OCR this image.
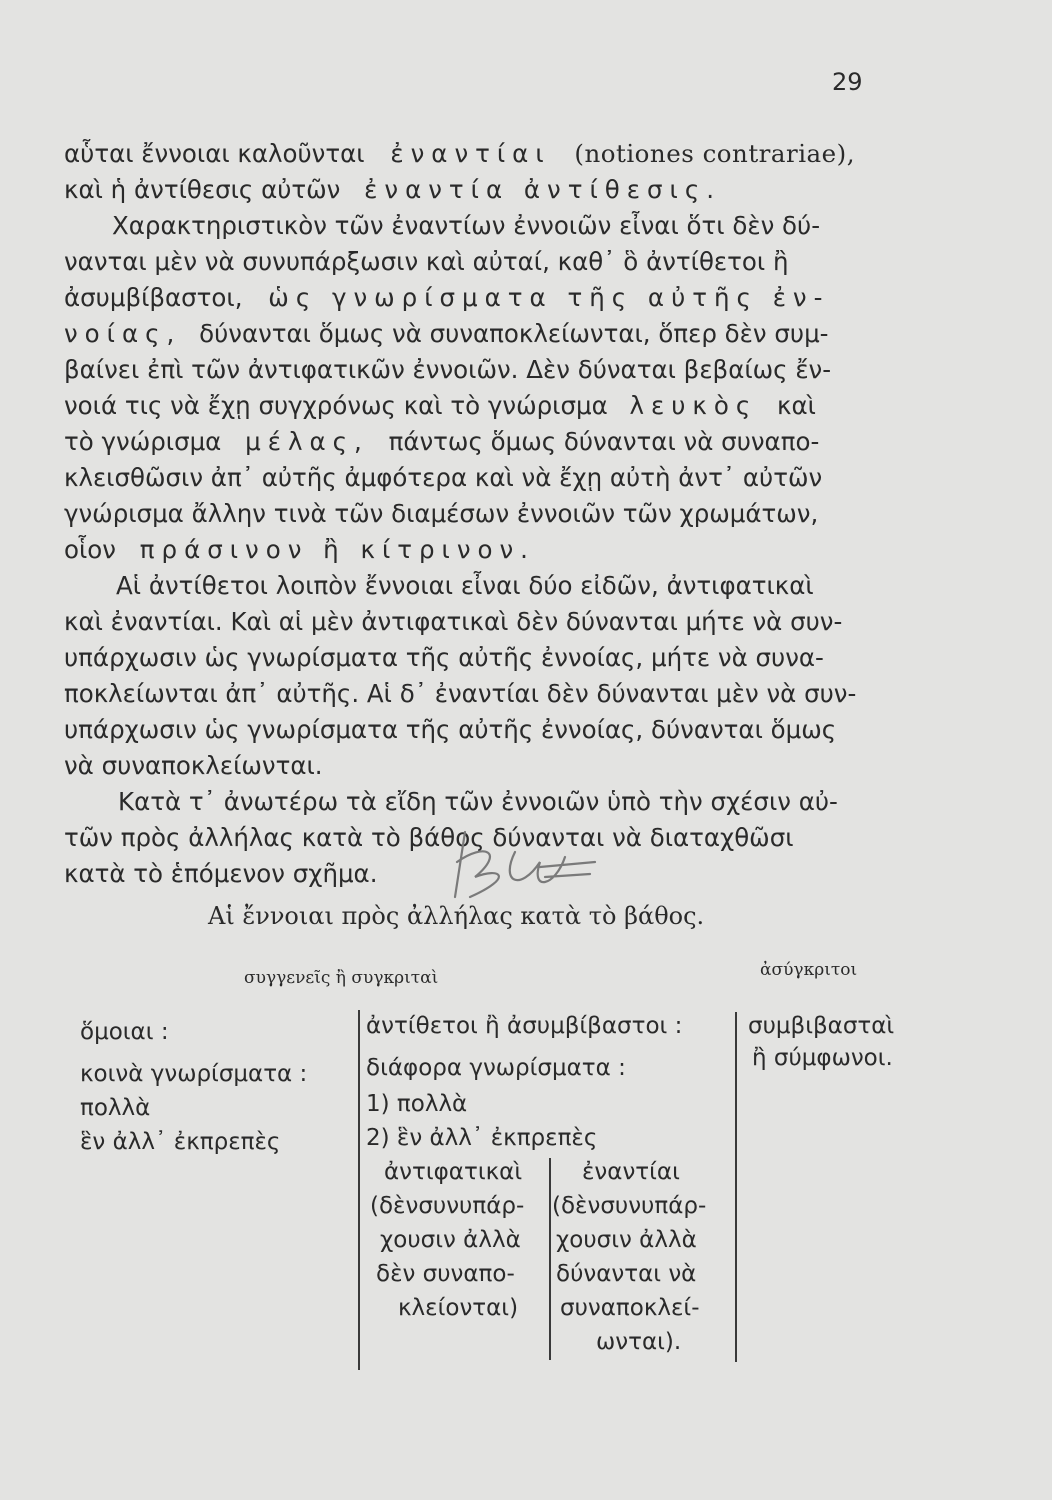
29
αὗται ἔννοιαι καλοῦνται ἐναντίαι (notiones contrariae),
καὶ ἡ ἀντίθεσις αὐτῶν ἐναντία ἀντίθεσις.
Χαρακτηριστικὸν τῶν ἐναντίων ἐννοιῶν εἶναι ὅτι δὲν δύ-
νανται μὲν νὰ συνυπάρξωσιν καὶ αὐταί, καθ᾽ ὃ ἀντίθετοι ἢ
ἀσυμβίβαστοι, ὡς γνωρίσματα τῆς αὐτῆς ἐν-
νοίας, δύνανται ὅμως νὰ συναποκλείωνται, ὅπερ δὲν συμ-
βαίνει ἐπὶ τῶν ἀντιφατικῶν ἐννοιῶν. Δὲν δύναται βεβαίως ἔν-
νοιά τις νὰ ἔχῃ συγχρόνως καὶ τὸ γνώρισμα λευκὸς καὶ
τὸ γνώρισμα μέλας, πάντως ὅμως δύνανται νὰ συναπο-
κλεισθῶσιν ἀπ᾽ αὐτῆς ἀμφότερα καὶ νὰ ἔχῃ αὐτὴ ἀντ᾽ αὐτῶν
γνώρισμα ἄλλην τινὰ τῶν διαμέσων ἐννοιῶν τῶν χρωμάτων,
οἷον πράσινον ἢ κίτρινον.
Αἱ ἀντίθετοι λοιπὸν ἔννοιαι εἶναι δύο εἰδῶν, ἀντιφατικαὶ
καὶ ἐναντίαι. Καὶ αἱ μὲν ἀντιφατικαὶ δὲν δύνανται μήτε νὰ συν-
υπάρχωσιν ὡς γνωρίσματα τῆς αὐτῆς ἐννοίας, μήτε νὰ συνα-
ποκλείωνται ἀπ᾽ αὐτῆς. Αἱ δ᾽ ἐναντίαι δὲν δύνανται μὲν νὰ συν-
υπάρχωσιν ὡς γνωρίσματα τῆς αὐτῆς ἐννοίας, δύνανται ὅμως
νὰ συναποκλείωνται.
Κατὰ τ᾽ ἀνωτέρω τὰ εἴδη τῶν ἐννοιῶν ὑπὸ τὴν σχέσιν αὐ-
τῶν πρὸς ἀλλήλας κατὰ τὸ βάθος δύνανται νὰ διαταχθῶσι
κατὰ τὸ ἑπόμενον σχῆμα.
Αἱ ἔννοιαι πρὸς ἀλλήλας κατὰ τὸ βάθος.
συγγενεῖς ἢ συγκριταὶ	ἀσύγκριτοι
ὅμοιαι :
κοινὰ γνωρίσματα :
πολλὰ
ἓν ἀλλ᾽ ἐκπρεπὲς
ἀντίθετοι ἢ ἀσυμβίβαστοι :
διάφορα γνωρίσματα :
1) πολλὰ
2) ἓν ἀλλ᾽ ἐκπρεπὲς
ἀντιφατικαὶ
(δὲνσυνυπάρ-
χουσιν ἀλλὰ
δὲν συναπο-
κλείονται)
ἐναντίαι
(δὲνσυνυπάρ-
χουσιν ἀλλὰ
δύνανται νὰ
συναποκλεί-
ωνται).
συμβιβασταὶ
ἢ σύμφωνοι.
